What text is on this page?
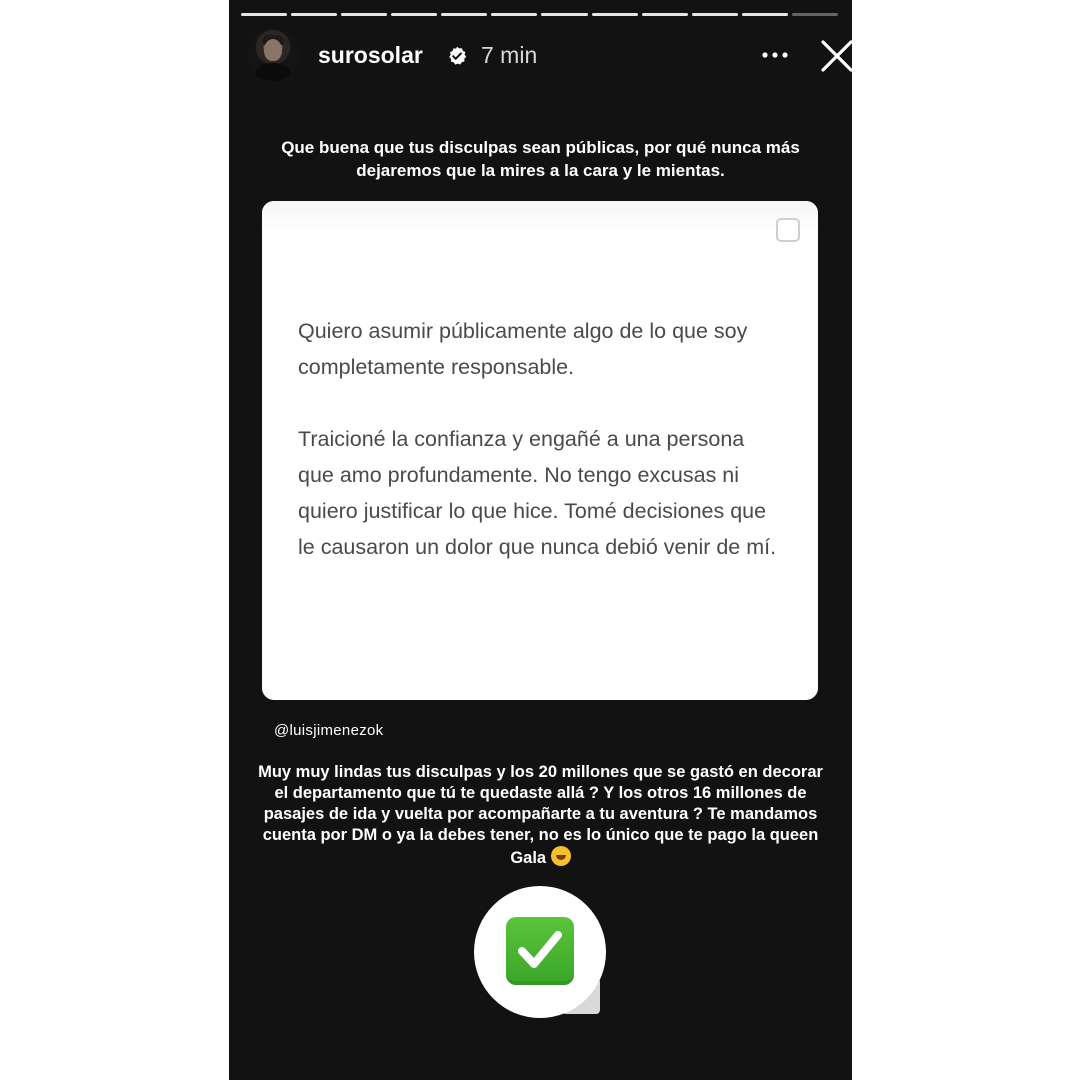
surosolar	7 min
Que buena que tus disculpas sean públicas, por qué nunca más dejaremos que la mires a la cara y le mientas.
Quiero asumir públicamente algo de lo que soy completamente responsable.
Traicioné la confianza y engañé a una persona que amo profundamente. No tengo excusas ni quiero justificar lo que hice. Tomé decisiones que le causaron un dolor que nunca debió venir de mí.
@luisjimenezok
Muy muy lindas tus disculpas y los 20 millones que se gastó en decorar el departamento que tú te quedaste allá ? Y los otros 16 millones de pasajes de ida y vuelta por acompañarte a tu aventura ? Te mandamos cuenta por DM o ya la debes tener, no es lo único que te pago la queen Gala
